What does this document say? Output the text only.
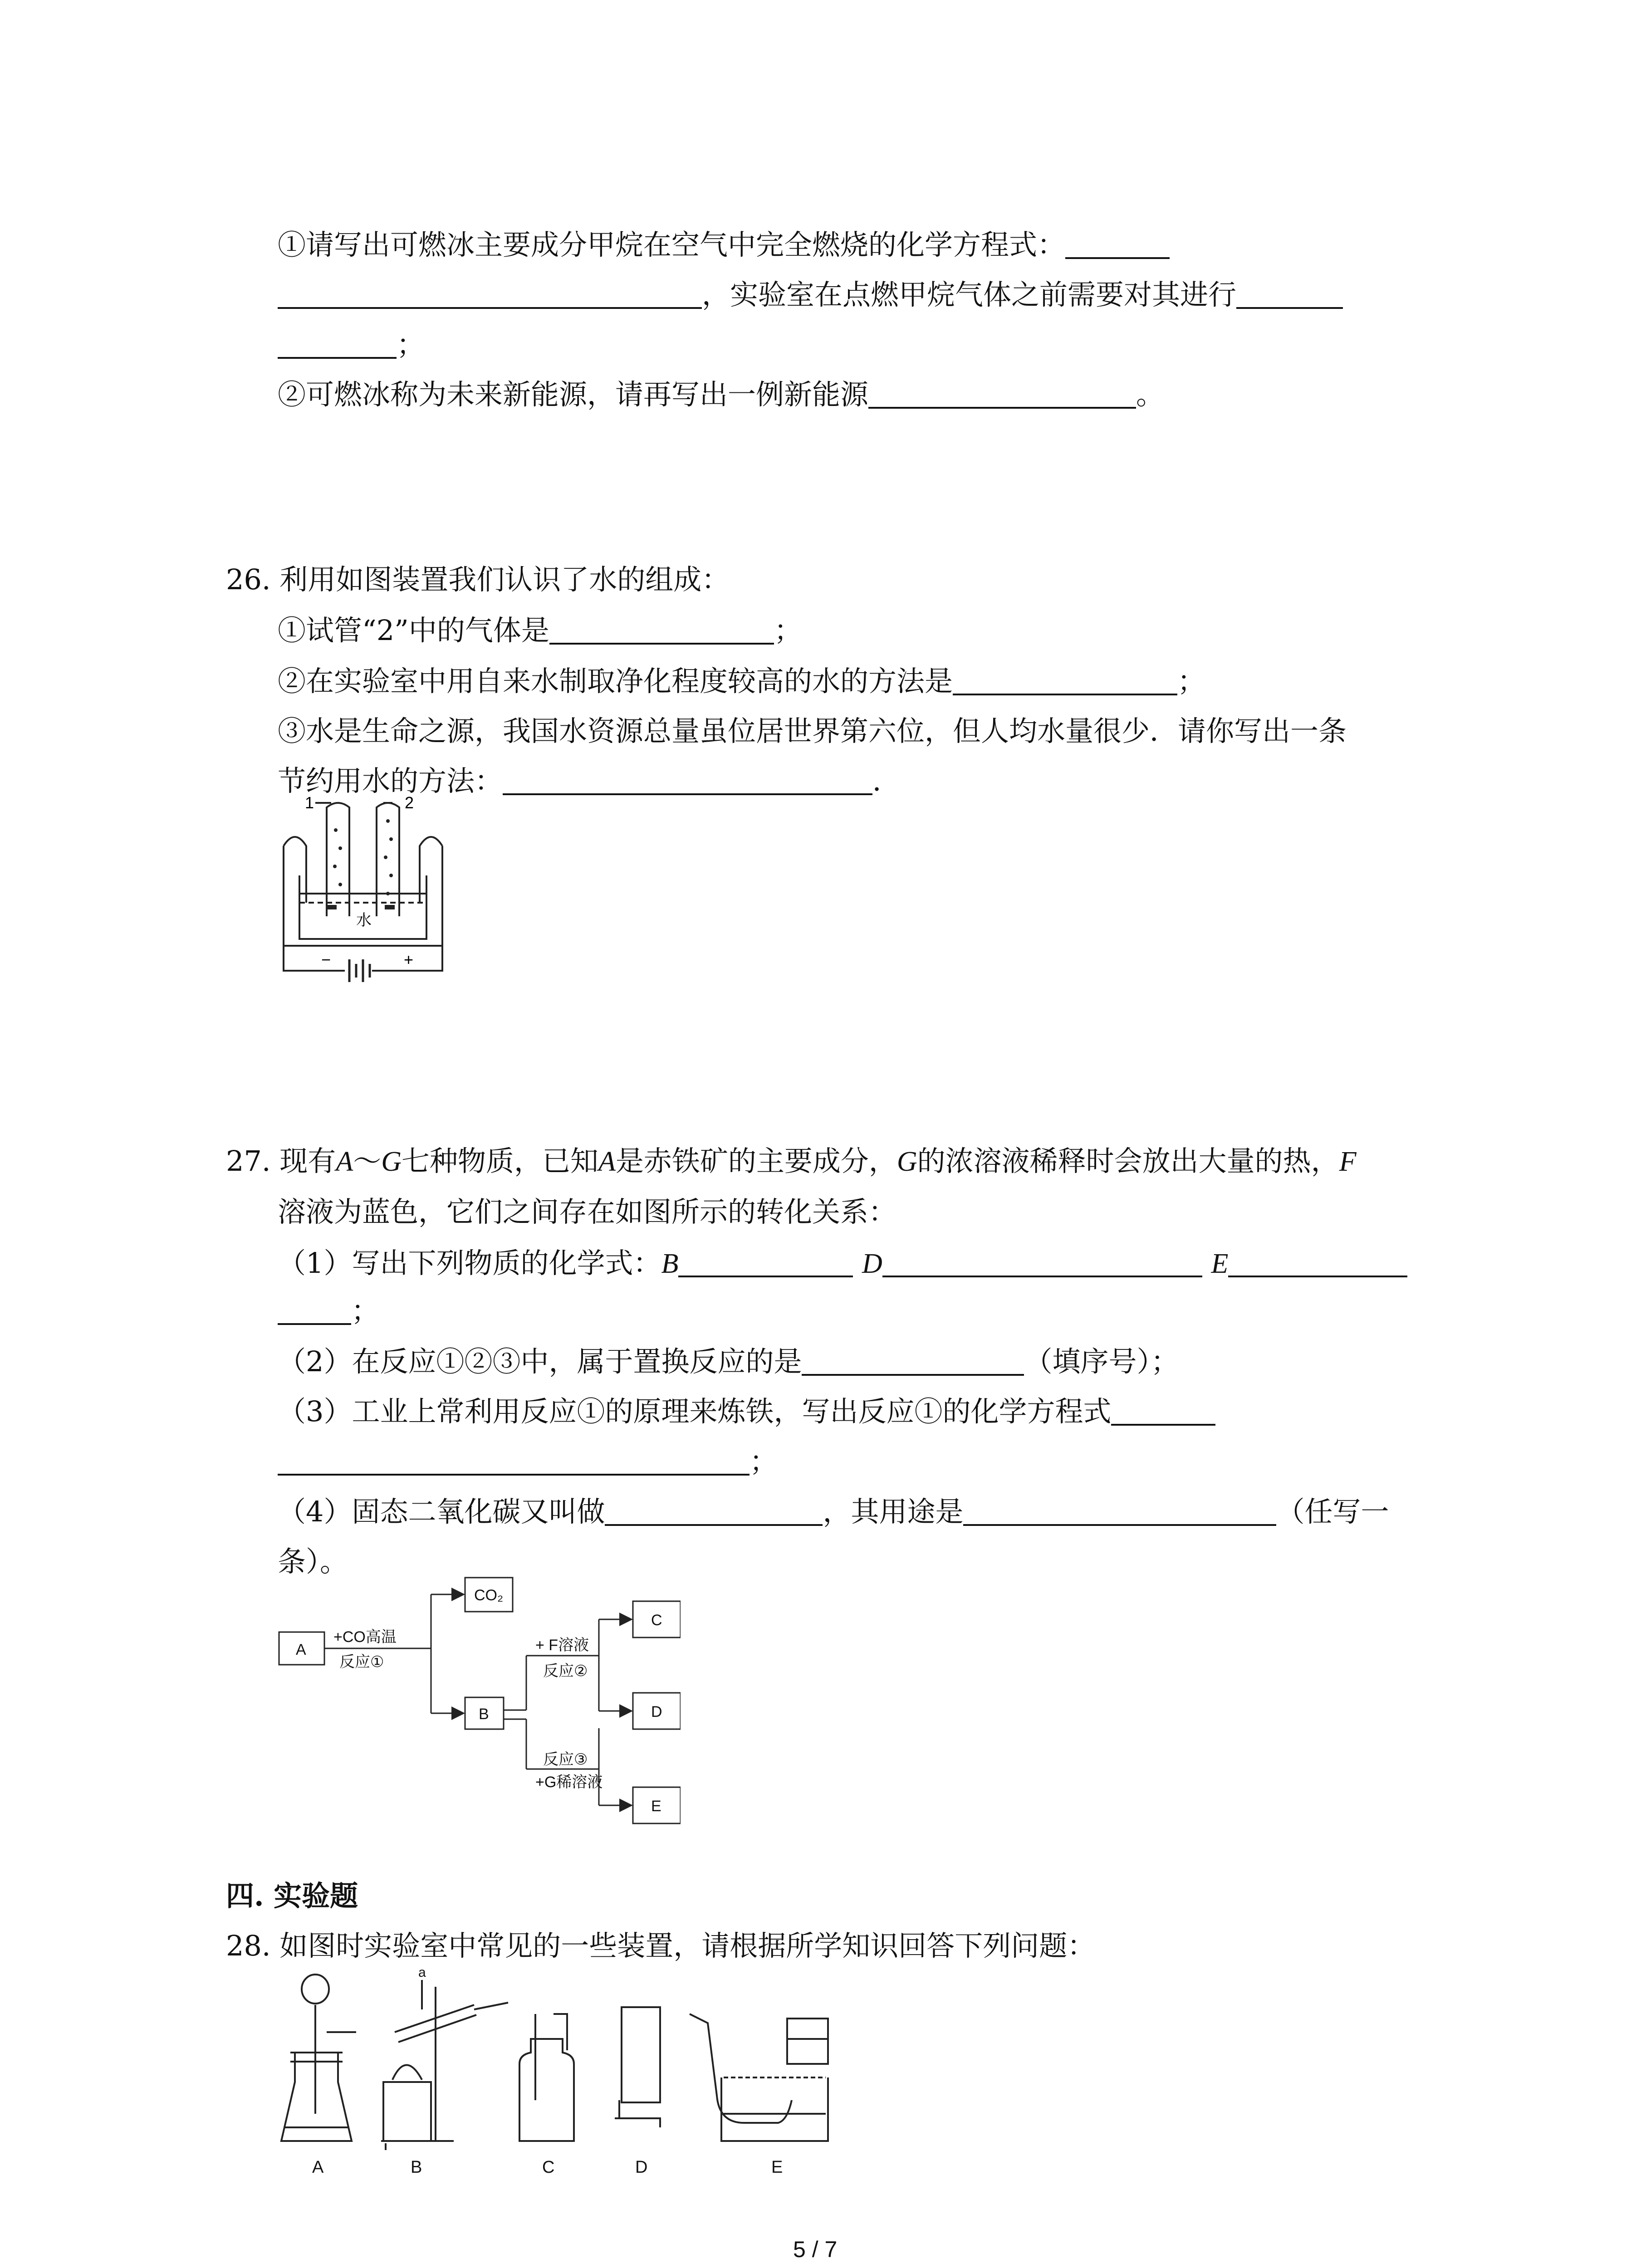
①请写出可燃冰主要成分甲烷在空气中完全燃烧的化学方程式：
，实验室在点燃甲烷气体之前需要对其进行
；
②可燃冰称为未来新能源，请再写出一例新能源	。
26. 利用如图装置我们认识了水的组成：
①试管“2”中的气体是	；
②在实验室中用自来水制取净化程度较高的水的方法是	；
③水是生命之源，我国水资源总量虽位居世界第六位，但人均水量很少．请你写出一条
节约用水的方法：	．
1	2
水
−	+
27. 现有A～G七种物质，已知A是赤铁矿的主要成分，G的浓溶液稀释时会放出大量的热，F
溶液为蓝色，它们之间存在如图所示的转化关系：
（1）写出下列物质的化学式：B	D	E
；
（2）在反应①②③中，属于置换反应的是	（填序号）；
（3）工业上常利用反应①的原理来炼铁，写出反应①的化学方程式
；
（4）固态二氧化碳又叫做	，其用途是	（任写一
条）。
A
CO₂
B
C
D
E
+CO高温
反应①
+ F溶液
反应②
反应③
+G稀溶液
四. 实验题
28. 如图时实验室中常见的一些装置，请根据所学知识回答下列问题：
A	B	C	D	E
a
5 / 7
